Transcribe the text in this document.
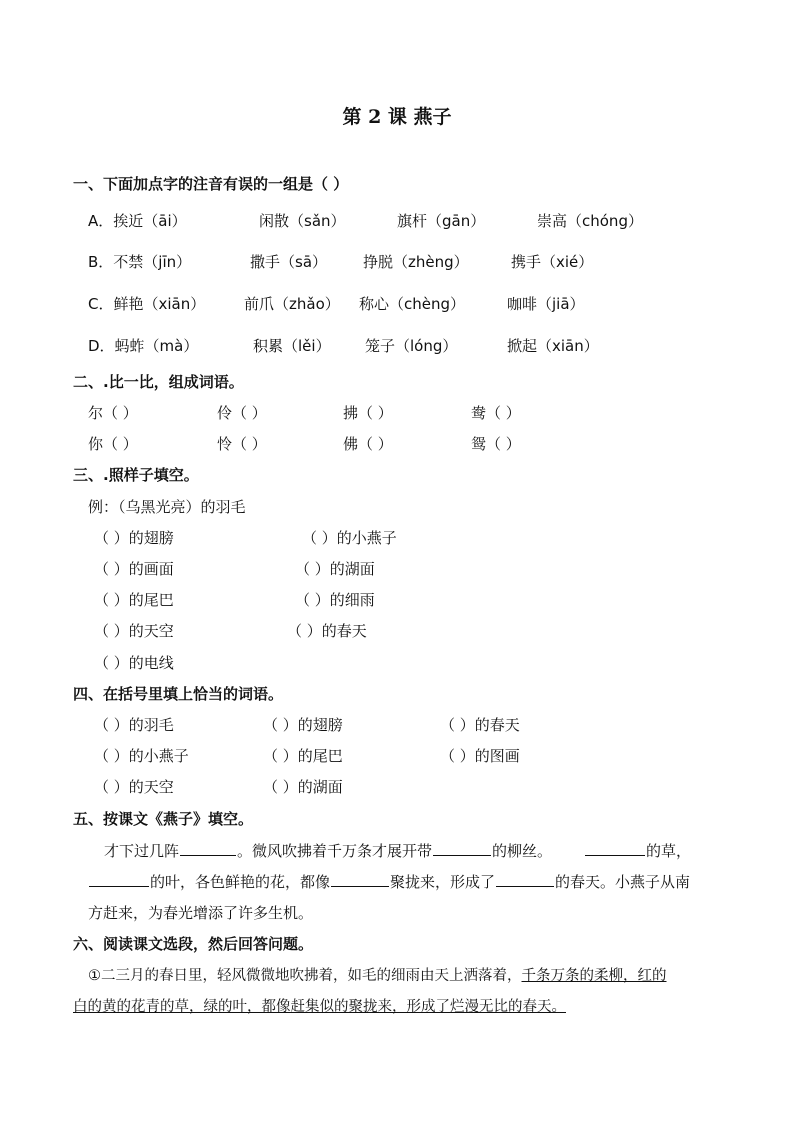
第 2 课 燕子
一、下面加点字的注音有误的一组是（ ）
A．挨近（āi）	闲散（sǎn）	旗杆（gān）	崇高（chóng）
B．不禁（jīn）	撒手（sā） 挣脱（zhèng）	携手（xié）
C．鲜艳（xiān）	前爪（zhǎo） 称心（chèng）	咖啡（jiā）
D．蚂蚱（mà）	积累（lěi） 笼子（lóng）	掀起（xiān）
二、.比一比，组成词语。
尔（ ）	伶（ ）	拂（ ）	鸯（ ）
你（ ）	怜（ ）	佛（ ）	鸳（ ）
三、.照样子填空。
例：（乌黑光亮）的羽毛
（ ）的翅膀	（ ）的小燕子
（ ）的画面	（ ）的湖面
（ ）的尾巴	（ ）的细雨
（ ）的天空	（ ）的春天
（ ）的电线
四、在括号里填上恰当的词语。
（ ）的羽毛	（ ）的翅膀	（ ）的春天
（ ）的小燕子	（ ）的尾巴	（ ）的图画
（ ）的天空	（ ）的湖面
五、按课文《燕子》填空。
才下过几阵	。微风吹拂着千万条才展开带	的柳丝。	的草，
的叶，各色鲜艳的花，都像	聚拢来，形成了	的春天。小燕子从南
方赶来，为春光增添了许多生机。
六、阅读课文选段，然后回答问题。
①二三月的春日里，轻风微微地吹拂着，如毛的细雨由天上洒落着，千条万条的柔柳，红的
白的黄的花青的草，绿的叶，都像赶集似的聚拢来，形成了烂漫无比的春天。
